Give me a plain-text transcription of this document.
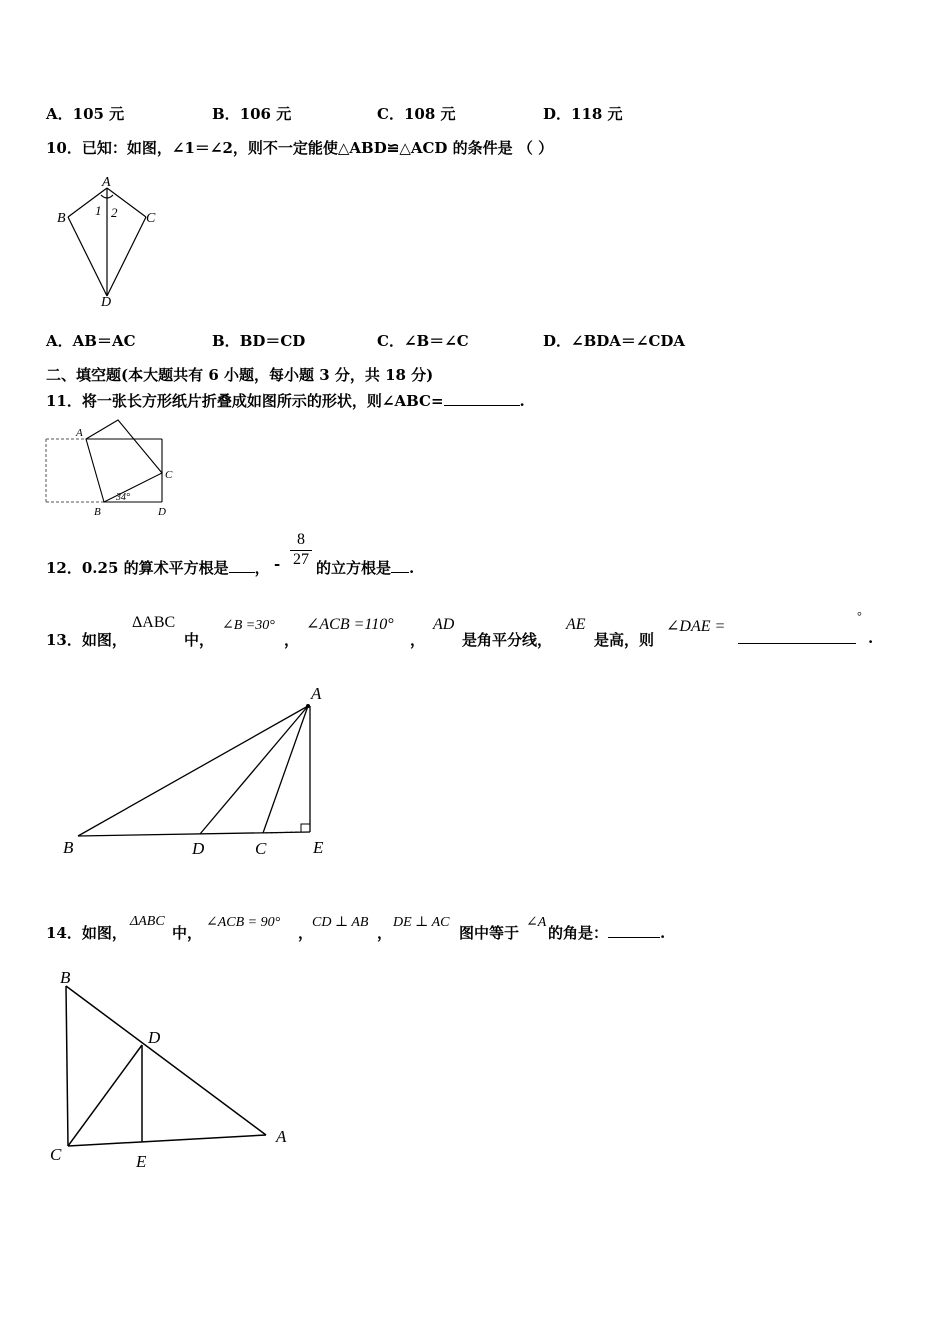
A．105 元	B．106 元	C．108 元	D．118 元
10．已知：如图，∠1＝∠2，则不一定能使△ABD≌△ACD 的条件是 （ ）
A
B	C
D
1 2
A．AB＝AC	B．BD＝CD	C．∠B＝∠C	D．∠BDA＝∠CDA
二、填空题(本大题共有 6 小题，每小题 3 分，共 18 分)
11．将一张长方形纸片折叠成如图所示的形状，则∠ABC=	.
A
C
B	D
34°
12．0.25 的算术平方根是 ， -
8
27 的立方根是 .
13．如图，
ΔABC
中，
∠B =30°
，
∠ACB =110°
，
AD
是角平分线，
AE
是高，则
∠DAE =
°
.
A
B	D	C	E
14．如图，
ΔABC
中，
∠ACB = 90°
，
CD ⊥ AB
，
DE ⊥ AC
图中等于
∠A
的角是：	.
B
D
C	E
A
